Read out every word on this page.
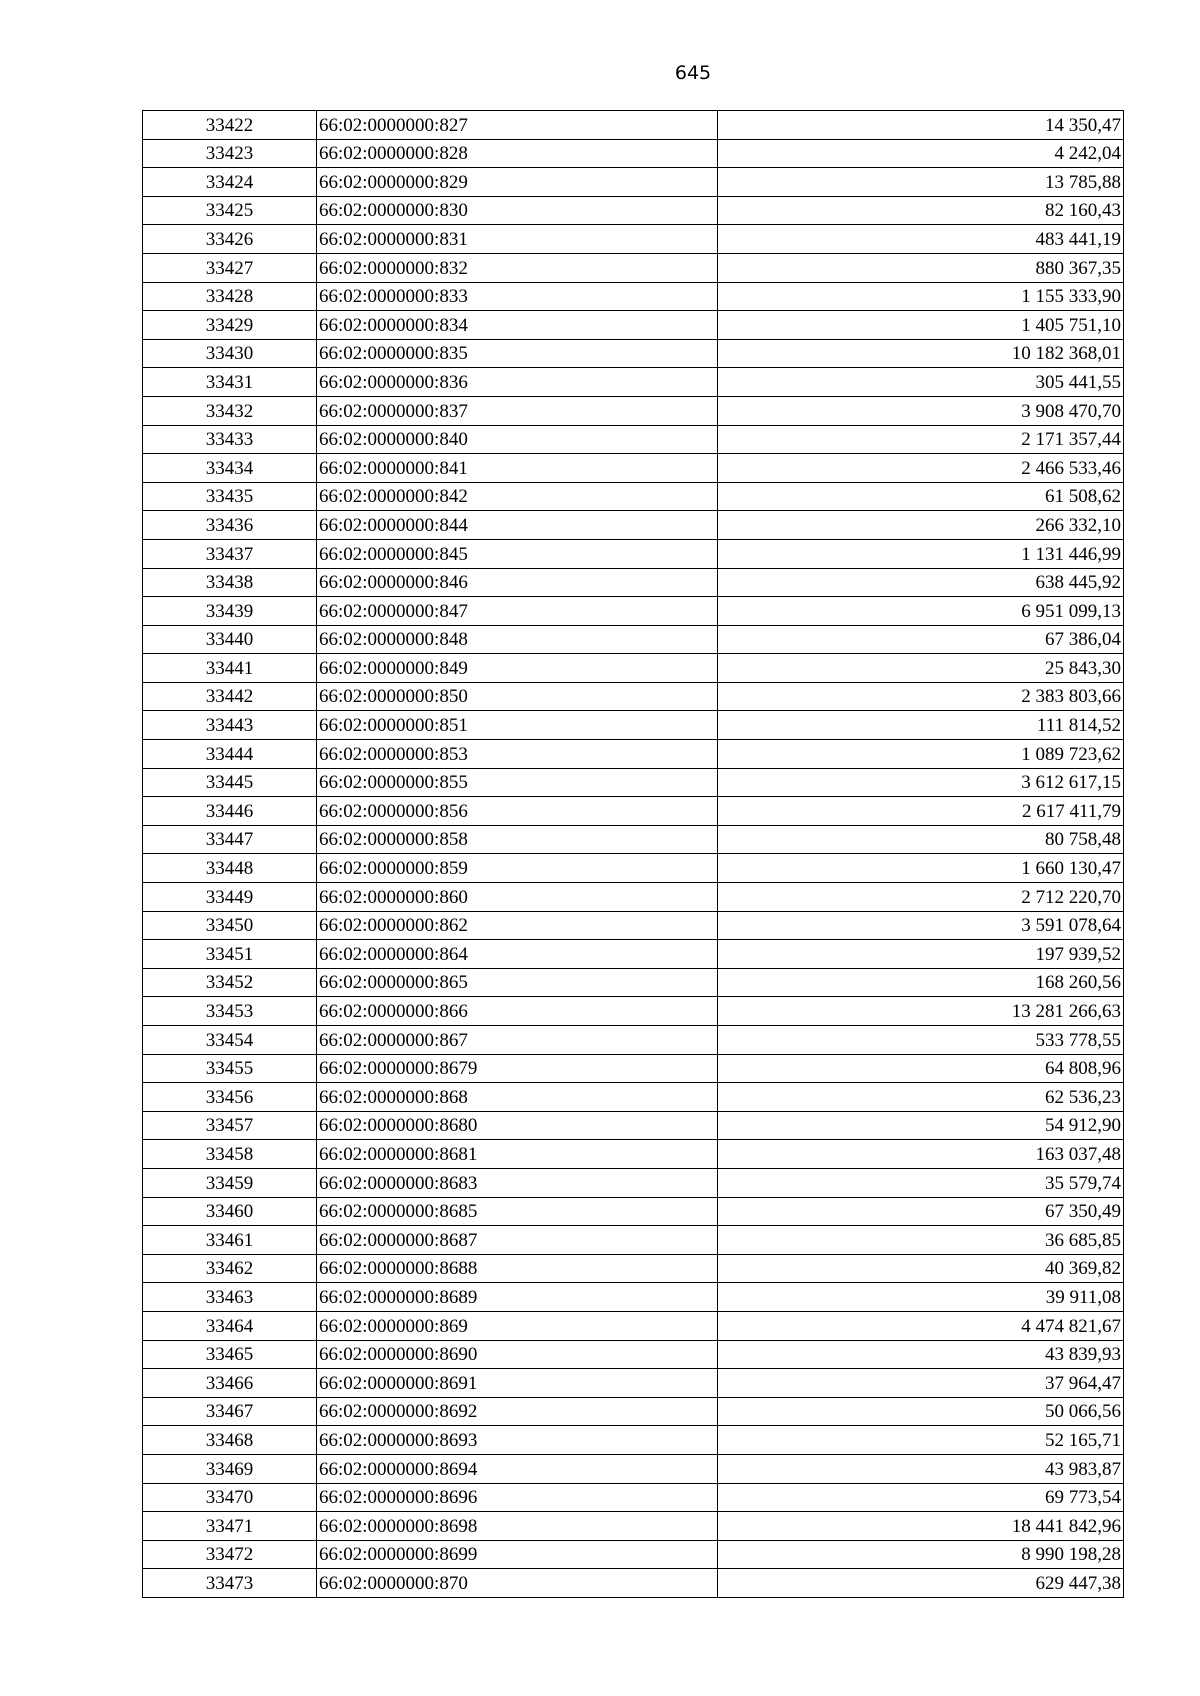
645
33422	66:02:0000000:827	14 350,47
33423	66:02:0000000:828	4 242,04
33424	66:02:0000000:829	13 785,88
33425	66:02:0000000:830	82 160,43
33426	66:02:0000000:831	483 441,19
33427	66:02:0000000:832	880 367,35
33428	66:02:0000000:833	1 155 333,90
33429	66:02:0000000:834	1 405 751,10
33430	66:02:0000000:835	10 182 368,01
33431	66:02:0000000:836	305 441,55
33432	66:02:0000000:837	3 908 470,70
33433	66:02:0000000:840	2 171 357,44
33434	66:02:0000000:841	2 466 533,46
33435	66:02:0000000:842	61 508,62
33436	66:02:0000000:844	266 332,10
33437	66:02:0000000:845	1 131 446,99
33438	66:02:0000000:846	638 445,92
33439	66:02:0000000:847	6 951 099,13
33440	66:02:0000000:848	67 386,04
33441	66:02:0000000:849	25 843,30
33442	66:02:0000000:850	2 383 803,66
33443	66:02:0000000:851	111 814,52
33444	66:02:0000000:853	1 089 723,62
33445	66:02:0000000:855	3 612 617,15
33446	66:02:0000000:856	2 617 411,79
33447	66:02:0000000:858	80 758,48
33448	66:02:0000000:859	1 660 130,47
33449	66:02:0000000:860	2 712 220,70
33450	66:02:0000000:862	3 591 078,64
33451	66:02:0000000:864	197 939,52
33452	66:02:0000000:865	168 260,56
33453	66:02:0000000:866	13 281 266,63
33454	66:02:0000000:867	533 778,55
33455	66:02:0000000:8679	64 808,96
33456	66:02:0000000:868	62 536,23
33457	66:02:0000000:8680	54 912,90
33458	66:02:0000000:8681	163 037,48
33459	66:02:0000000:8683	35 579,74
33460	66:02:0000000:8685	67 350,49
33461	66:02:0000000:8687	36 685,85
33462	66:02:0000000:8688	40 369,82
33463	66:02:0000000:8689	39 911,08
33464	66:02:0000000:869	4 474 821,67
33465	66:02:0000000:8690	43 839,93
33466	66:02:0000000:8691	37 964,47
33467	66:02:0000000:8692	50 066,56
33468	66:02:0000000:8693	52 165,71
33469	66:02:0000000:8694	43 983,87
33470	66:02:0000000:8696	69 773,54
33471	66:02:0000000:8698	18 441 842,96
33472	66:02:0000000:8699	8 990 198,28
33473	66:02:0000000:870	629 447,38
